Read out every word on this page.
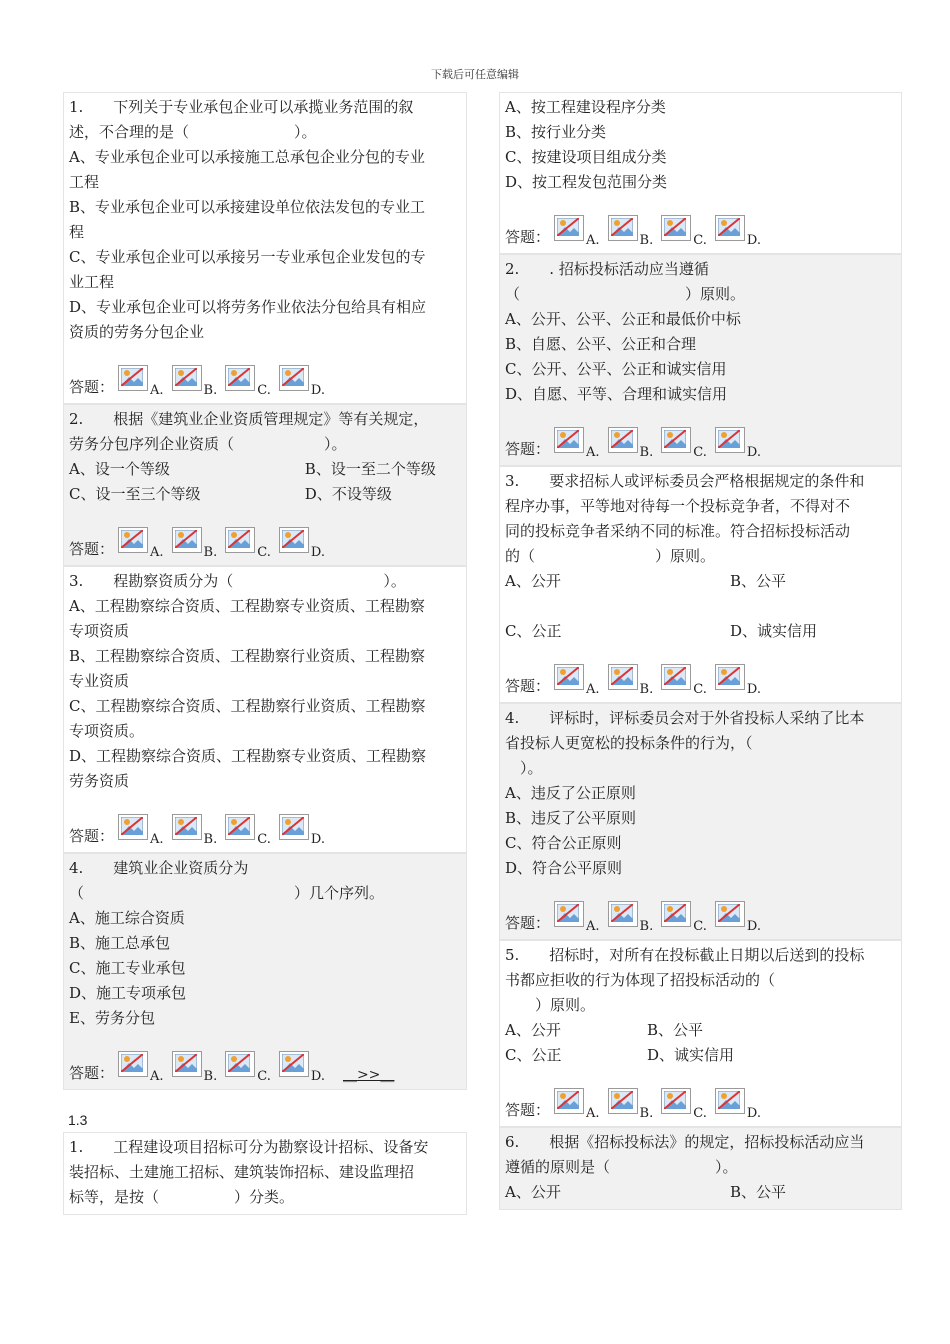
下载后可任意编辑

1.　　下列关于专业承包企业可以承揽业务范围的叙

述，不合理的是（　　　　　　　）。

A、专业承包企业可以承接施工总承包企业分包的专业

工程

B、专业承包企业可以承接建设单位依法发包的专业工

程

C、专业承包企业可以承接另一专业承包企业发包的专

业工程

D、专业承包企业可以将劳务作业依法分包给具有相应

资质的劳务分包企业

答题：	A.	B.	C.	D.

2.　　根据《建筑业企业资质管理规定》等有关规定，

劳务分包序列企业资质（　　　　　　）。

A、设一个等级	B、设一至二个等级
C、设一至三个等级	D、不设等级
答题：	A.	B.	C.	D.

3.　　程勘察资质分为（　　　　　　　　　　）。

A、工程勘察综合资质、工程勘察专业资质、工程勘察

专项资质

B、工程勘察综合资质、工程勘察行业资质、工程勘察

专业资质

C、工程勘察综合资质、工程勘察行业资质、工程勘察

专项资质。

D、工程勘察综合资质、工程勘察专业资质、工程勘察

劳务资质

答题：	A.	B.	C.	D.

4.　　建筑业企业资质分为

（　　　　　　　　　　　　　　）几个序列。

A、施工综合资质

B、施工总承包

C、施工专业承包

D、施工专项承包

E、劳务分包

答题：	A.	B.	C.	D. __>>__
1.3

1.　　工程建设项目招标可分为勘察设计招标、设备安

装招标、土建施工招标、建筑装饰招标、建设监理招

标等，是按（　　　　　）分类。

A、按工程建设程序分类

B、按行业分类

C、按建设项目组成分类

D、按工程发包范围分类

答题：	A.	B.	C.	D.

2.　　. 招标投标活动应当遵循

（　　　　　　　　　　　）原则。

A、公开、公平、公正和最低价中标

B、自愿、公平、公正和合理

C、公开、公平、公正和诚实信用

D、自愿、平等、合理和诚实信用

答题：	A.	B.	C.	D.

3.　　要求招标人或评标委员会严格根据规定的条件和

程序办事，平等地对待每一个投标竞争者，不得对不

同的投标竞争者采纳不同的标准。符合招标投标活动

的（　　　　　　　　）原则。

A、公开	B、公平

C、公正	D、诚实信用
答题：	A.	B.	C.	D.

4.　　评标时，评标委员会对于外省投标人采纳了比本

省投标人更宽松的投标条件的行为，（

　）。

A、违反了公正原则

B、违反了公平原则

C、符合公正原则

D、符合公平原则

答题：	A.	B.	C.	D.

5.　　招标时，对所有在投标截止日期以后送到的投标

书都应拒收的行为体现了招投标活动的（

　　）原则。

A、公开	B、公平
C、公正	D、诚实信用
答题：	A.	B.	C.	D.

6.　　根据《招标投标法》的规定，招标投标活动应当

遵循的原则是（　　　　　　　）。

A、公开	B、公平
